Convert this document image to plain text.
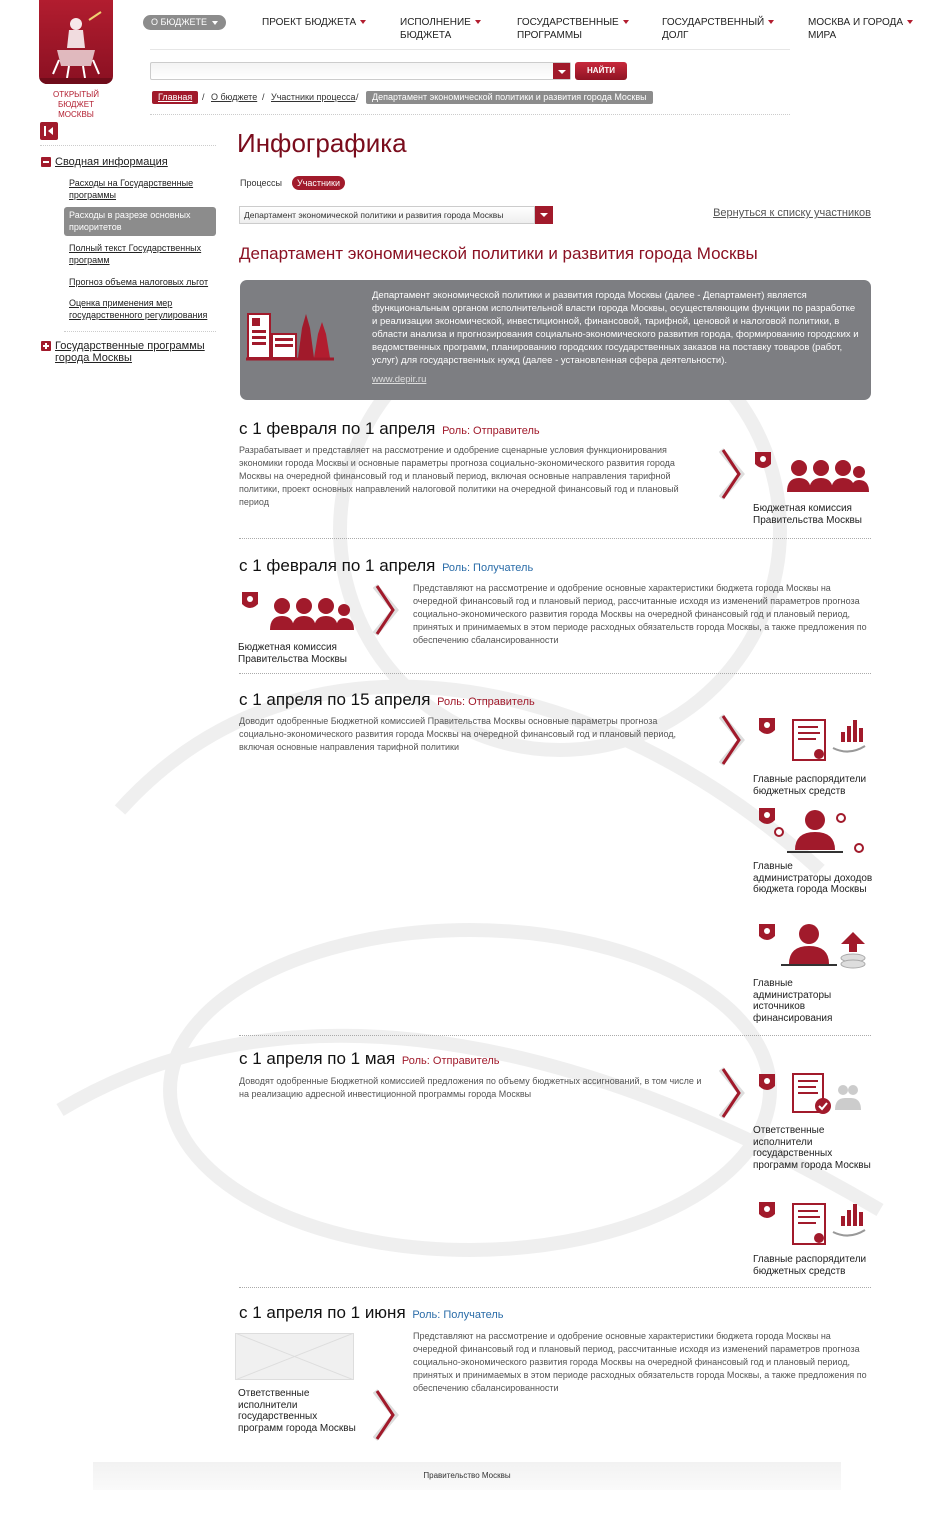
ОТКРЫТЫЙ БЮДЖЕТ
МОСКВЫ
О БЮДЖЕТЕ	ПРОЕКТ БЮДЖЕТА	ИСПОЛНЕНИЕ
БЮДЖЕТА
ГОСУДАРСТВЕННЫЕ
ПРОГРАММЫ
ГОСУДАРСТВЕННЫЙ
ДОЛГ
МОСКВА И ГОРОДА
МИРА
НАЙТИ
Главная	/ О бюджете / Участники процесса /	Департамент экономической политики и развития города Москвы
Сводная информация
Расходы на Государственные программы
Расходы в разрезе основных приоритетов
Полный текст Государственных программ
Прогноз объема налоговых льгот
Оценка применения мер государственного регулирования
Государственные программы города Москвы
Инфографика
Процессы	Участники
Департамент экономической политики и развития города Москвы	Вернуться к списку участников
Департамент экономической политики и развития города Москвы
Департамент экономической политики и развития города Москвы (далее - Департамент) является функциональным органом исполнительной власти города Москвы, осуществляющим функции по разработке и реализации экономической, инвестиционной, финансовой, тарифной, ценовой и налоговой политики, в области анализа и прогнозирования социально-экономического развития города, формированию городских и ведомственных программ, планированию городских государственных заказов на поставку товаров (работ, услуг) для государственных нужд (далее - установленная сфера деятельности).
www.depir.ru
с 1 февраля по 1 апреля Роль: Отправитель
Разрабатывает и представляет на рассмотрение и одобрение сценарные условия функционирования экономики города Москвы и основные параметры прогноза социально-экономического развития города Москвы на очередной финансовый год и плановый период, включая основные направления тарифной политики, проект основных направлений налоговой политики на очередной финансовый год и плановый период
Бюджетная комиссия Правительства Москвы
с 1 февраля по 1 апреля Роль: Получатель
Бюджетная комиссия Правительства Москвы
Представляют на рассмотрение и одобрение основные характеристики бюджета города Москвы на очередной финансовый год и плановый период, рассчитанные исходя из изменений параметров прогноза социально-экономического развития города Москвы на очередной финансовый год и плановый период, принятых и принимаемых в этом периоде расходных обязательств города Москвы, а также предложения по обеспечению сбалансированности
с 1 апреля по 15 апреля Роль: Отправитель
Доводит одобренные Бюджетной комиссией Правительства Москвы основные параметры прогноза социально-экономического развития города Москвы на очередной финансовый год и плановый период, включая основные направления тарифной политики
Главные распорядители бюджетных средств
Главные администраторы доходов бюджета города Москвы
Главные администраторы источников финансирования
с 1 апреля по 1 мая Роль: Отправитель
Доводят одобренные Бюджетной комиссией предложения по объему бюджетных ассигнований, в том числе и на реализацию адресной инвестиционной программы города Москвы
Ответственные исполнители государственных программ города Москвы
Главные распорядители бюджетных средств
с 1 апреля по 1 июня Роль: Получатель
Ответственные исполнители государственных программ города Москвы
Представляют на рассмотрение и одобрение основные характеристики бюджета города Москвы на очередной финансовый год и плановый период, рассчитанные исходя из изменений параметров прогноза социально-экономического развития города Москвы на очередной финансовый год и плановый период, принятых и принимаемых в этом периоде расходных обязательств города Москвы, а также предложения по обеспечению сбалансированности
Правительство Москвы
